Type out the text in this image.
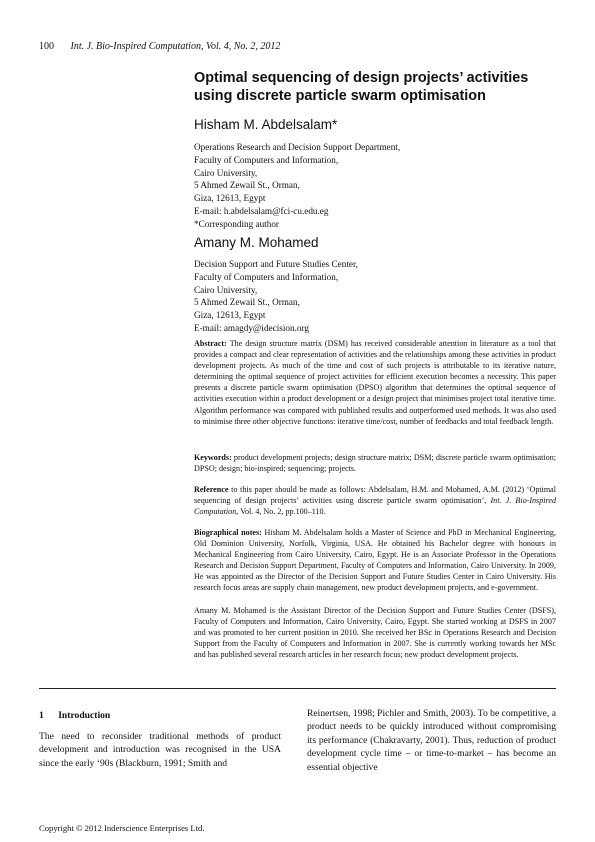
100 Int. J. Bio-Inspired Computation, Vol. 4, No. 2, 2012
Optimal sequencing of design projects’ activities
using discrete particle swarm optimisation
Hisham M. Abdelsalam*
Operations Research and Decision Support Department,
Faculty of Computers and Information,
Cairo University,
5 Ahmed Zewail St., Orman,
Giza, 12613, Egypt
E-mail: h.abdelsalam@fci-cu.edu.eg
*Corresponding author
Amany M. Mohamed
Decision Support and Future Studies Center,
Faculty of Computers and Information,
Cairo University,
5 Ahmed Zewail St., Orman,
Giza, 12613, Egypt
E-mail: amagdy@idecision.org

Abstract: The design structure matrix (DSM) has received considerable attention in literature as a tool that provides a compact and clear representation of activities and the relationships among these activities in product development projects. As much of the time and cost of such projects is attributable to its iterative nature, determining the optimal sequence of project activities for efficient execution becomes a necessity. This paper presents a discrete particle swarm optimisation (DPSO) algorithm that determines the optimal sequence of activities execution within a product development or a design project that minimises project total iterative time. Algorithm performance was compared with published results and outperformed used methods. It was also used to minimise three other objective functions: iterative time/cost, number of feedbacks and total feedback length.

Keywords: product development projects; design structure matrix; DSM; discrete particle swarm optimisation; DPSO; design; bio-inspired; sequencing; projects.

Reference to this paper should be made as follows: Abdelsalam, H.M. and Mohamed, A.M. (2012) ‘Optimal sequencing of design projects’ activities using discrete particle swarm optimisation’, Int. J. Bio-Inspired Computation, Vol. 4, No. 2, pp.100–110.

Biographical notes: Hisham M. Abdelsalam holds a Master of Science and PhD in Mechanical Engineering, Old Dominion University, Norfolk, Virginia, USA. He obtained his Bachelor degree with honours in Mechanical Engineering from Cairo University, Cairo, Egypt. He is an Associate Professor in the Operations Research and Decision Support Department, Faculty of Computers and Information, Cairo University. In 2009, He was appointed as the Director of the Decision Support and Future Studies Center in Cairo University. His research focus areas are supply chain management, new product development projects, and e-government.

Amany M. Mohamed is the Assistant Director of the Decision Support and Future Studies Center (DSFS), Faculty of Computers and Information, Cairo University, Cairo, Egypt. She started working at DSFS in 2007 and was promoted to her current position in 2010. She received her BSc in Operations Research and Decision Support from the Faculty of Computers and Information in 2007. She is currently working towards her MSc and has published several research articles in her research focus; new product development projects.

1 Introduction
The need to reconsider traditional methods of product development and introduction was recognised in the USA since the early ‘90s (Blackburn, 1991; Smith and
Reinertsen, 1998; Pichler and Smith, 2003). To be competitive, a product needs to be quickly introduced without compromising its performance (Chakravarty, 2001). Thus, reduction of product development cycle time – or time-to-market – has become an essential objective
Copyright © 2012 Inderscience Enterprises Ltd.
